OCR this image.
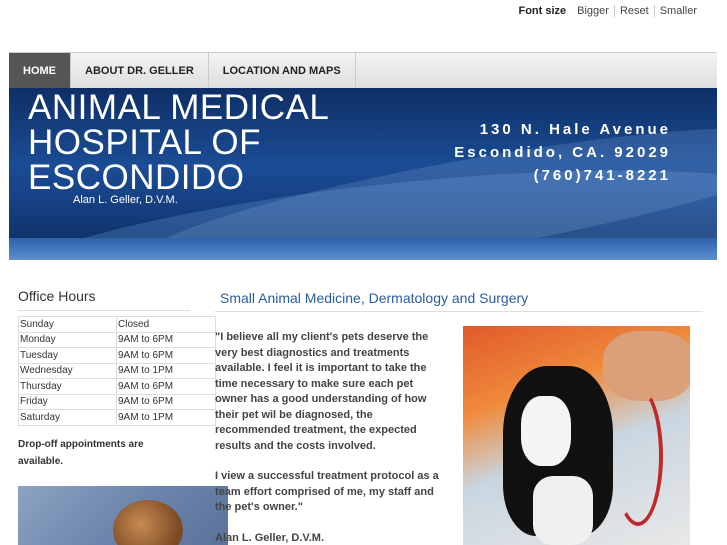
Font size	Bigger	Reset	Smaller
HOME	ABOUT DR. GELLER	LOCATION AND MAPS
ANIMAL MEDICAL
HOSPITAL OF
ESCONDIDO
Alan L. Geller, D.V.M.
130 N. Hale Avenue
Escondido, CA. 92029
(760)741-8221
Office Hours
Sunday	Closed
Monday	9AM to 6PM
Tuesday	9AM to 6PM
Wednesday	9AM to 1PM
Thursday	9AM to 6PM
Friday	9AM to 6PM
Saturday	9AM to 1PM
Drop-off appointments are
available.
Small Animal Medicine, Dermatology and Surgery

"I believe all my client's pets deserve the very best diagnostics and treatments available. I feel it is important to take the time necessary to make sure each pet owner has a good understanding of how their pet wil be diagnosed, the recommended treatment, the expected results and the costs involved.

I view a successful treatment protocol as a team effort comprised of me, my staff and the pet's owner."

Alan L. Geller, D.V.M.
